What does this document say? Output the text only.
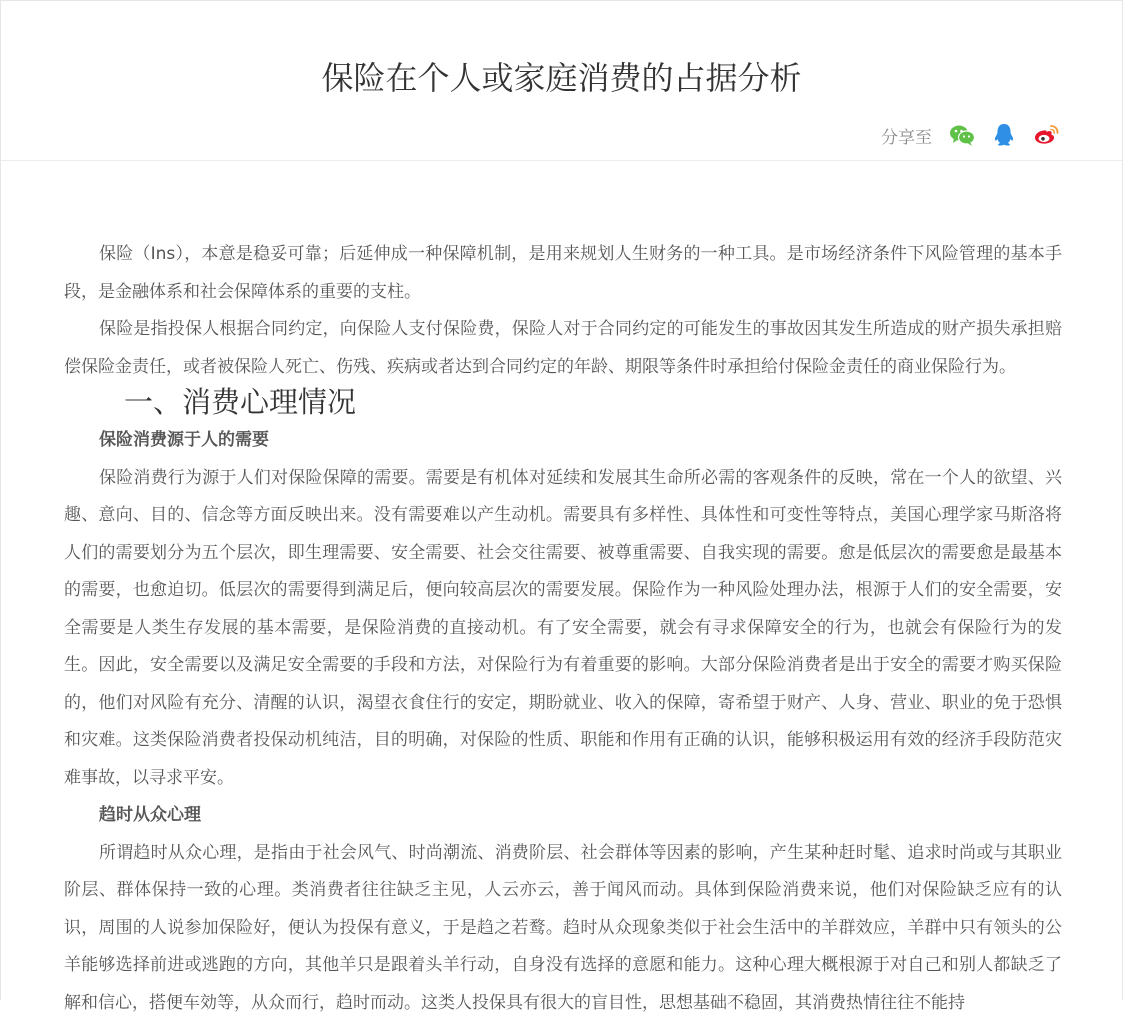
保险在个人或家庭消费的占据分析
分享至

保险（Ins），本意是稳妥可靠；后延伸成一种保障机制，是用来规划人生财务的一种工具。是市场经济条件下风险管理的基本手段，是金融体系和社会保障体系的重要的支柱。

保险是指投保人根据合同约定，向保险人支付保险费，保险人对于合同约定的可能发生的事故因其发生所造成的财产损失承担赔偿保险金责任，或者被保险人死亡、伤残、疾病或者达到合同约定的年龄、期限等条件时承担给付保险金责任的商业保险行为。

一、消费心理情况
保险消费源于人的需要

保险消费行为源于人们对保险保障的需要。需要是有机体对延续和发展其生命所必需的客观条件的反映，常在一个人的欲望、兴趣、意向、目的、信念等方面反映出来。没有需要难以产生动机。需要具有多样性、具体性和可变性等特点，美国心理学家马斯洛将人们的需要划分为五个层次，即生理需要、安全需要、社会交往需要、被尊重需要、自我实现的需要。愈是低层次的需要愈是最基本的需要，也愈迫切。低层次的需要得到满足后，便向较高层次的需要发展。保险作为一种风险处理办法，根源于人们的安全需要，安全需要是人类生存发展的基本需要，是保险消费的直接动机。有了安全需要，就会有寻求保障安全的行为，也就会有保险行为的发生。因此，安全需要以及满足安全需要的手段和方法，对保险行为有着重要的影响。大部分保险消费者是出于安全的需要才购买保险的，他们对风险有充分、清醒的认识，渴望衣食住行的安定，期盼就业、收入的保障，寄希望于财产、人身、营业、职业的免于恐惧和灾难。这类保险消费者投保动机纯洁，目的明确，对保险的性质、职能和作用有正确的认识，能够积极运用有效的经济手段防范灾难事故，以寻求平安。

趋时从众心理

所谓趋时从众心理，是指由于社会风气、时尚潮流、消费阶层、社会群体等因素的影响，产生某种赶时髦、追求时尚或与其职业阶层、群体保持一致的心理。类消费者往往缺乏主见，人云亦云，善于闻风而动。具体到保险消费来说，他们对保险缺乏应有的认识，周围的人说参加保险好，便认为投保有意义，于是趋之若鹜。趋时从众现象类似于社会生活中的羊群效应，羊群中只有领头的公羊能够选择前进或逃跑的方向，其他羊只是跟着头羊行动，自身没有选择的意愿和能力。这种心理大概根源于对自己和别人都缺乏了解和信心，搭便车効等，从众而行，趋时而动。这类人投保具有很大的盲目性，思想基础不稳固，其消费热情往往不能持
